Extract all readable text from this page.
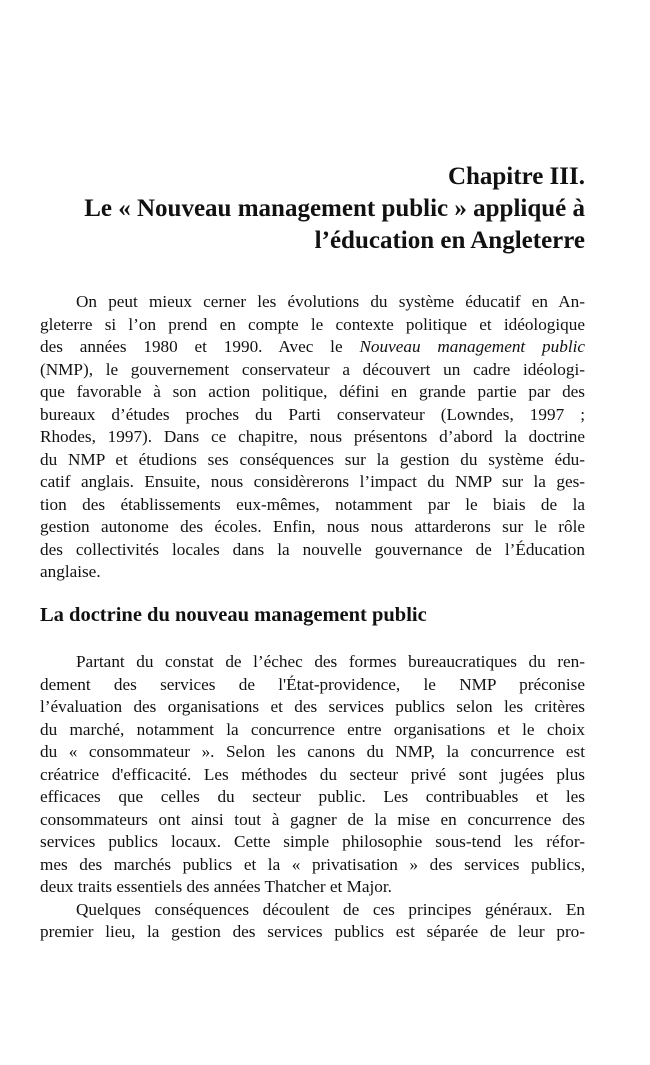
Chapitre III.
Le « Nouveau management public » appliqué à
l’éducation en Angleterre
On peut mieux cerner les évolutions du système éducatif en An-
gleterre si l’on prend en compte le contexte politique et idéologique
des années 1980 et 1990. Avec le Nouveau management public
(NMP), le gouvernement conservateur a découvert un cadre idéologi-
que favorable à son action politique, défini en grande partie par des
bureaux d’études proches du Parti conservateur (Lowndes, 1997 ;
Rhodes, 1997). Dans ce chapitre, nous présentons d’abord la doctrine
du NMP et étudions ses conséquences sur la gestion du système édu-
catif anglais. Ensuite, nous considèrerons l’impact du NMP sur la ges-
tion des établissements eux-mêmes, notamment par le biais de la
gestion autonome des écoles. Enfin, nous nous attarderons sur le rôle
des collectivités locales dans la nouvelle gouvernance de l’Éducation
anglaise.
La doctrine du nouveau management public
Partant du constat de l’échec des formes bureaucratiques du ren-
dement des services de l'État-providence, le NMP préconise
l’évaluation des organisations et des services publics selon les critères
du marché, notamment la concurrence entre organisations et le choix
du « consommateur ». Selon les canons du NMP, la concurrence est
créatrice d'efficacité. Les méthodes du secteur privé sont jugées plus
efficaces que celles du secteur public. Les contribuables et les
consommateurs ont ainsi tout à gagner de la mise en concurrence des
services publics locaux. Cette simple philosophie sous-tend les réfor-
mes des marchés publics et la « privatisation » des services publics,
deux traits essentiels des années Thatcher et Major.
Quelques conséquences découlent de ces principes généraux. En
premier lieu, la gestion des services publics est séparée de leur pro-
